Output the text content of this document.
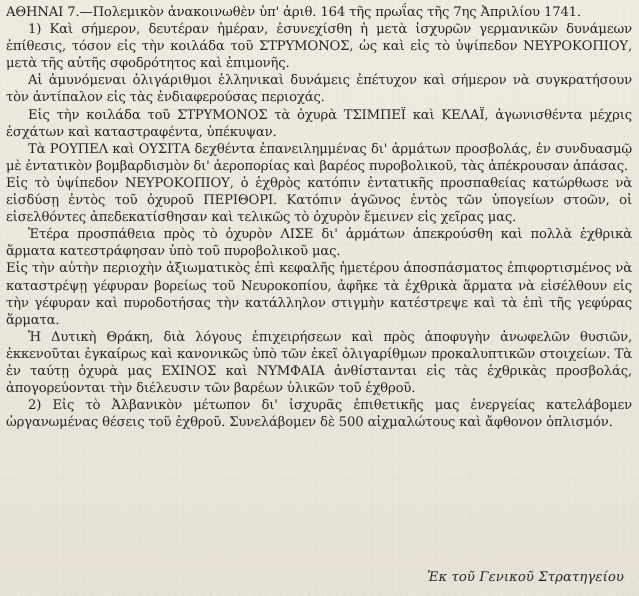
ΑΘΗΝΑΙ 7.—Πολεμικὸν ἀνακοινωθὲν ὑπ' ἀριθ. 164 τῆς πρωΐας τῆς 7ης Ἀπριλίου 1741.

1) Καὶ σήμερον, δευτέραν ἡμέραν, ἐσυνεχίσθη ἡ μετὰ ἰσχυρῶν γερμανικῶν δυνάμεων ἐπίθεσις, τόσον εἰς τὴν κοιλάδα τοῦ ΣΤΡΥΜΟΝΟΣ, ὡς καὶ εἰς τὸ ὑψίπεδον ΝΕΥΡΟΚΟΠΙΟΥ, μετὰ τῆς αὐτῆς σφοδρότητος καὶ ἐπιμονῆς.

Αἱ ἀμυνόμεναι ὀλιγάριθμοι ἑλληνικαὶ δυνάμεις ἐπέτυχον καὶ σήμερον νὰ συγκρατήσουν τὸν ἀντίπαλον εἰς τὰς ἐνδιαφερούσας περιοχάς.

Εἰς τὴν κοιλάδα τοῦ ΣΤΡΥΜΟΝΟΣ τὰ ὀχυρὰ ΤΣΙΜΠΕΪ καὶ ΚΕΛΑΪ, ἀγωνισθέντα μέχρις ἐσχάτων καὶ καταστραφέντα, ὑπέκυψαν.

Τὰ ΡΟΥΠΕΛ καὶ ΟΥΣΙΤΑ δεχθέντα ἐπανειλημμένας δι' ἁρμάτων προσβολάς, ἐν συνδυασμῷ μὲ ἐντατικὸν βομβαρδισμὸν δι' ἀεροπορίας καὶ βαρέος πυροβολικοῦ, τὰς ἀπέκρουσαν ἁπάσας.

Εἰς τὸ ὑψίπεδον ΝΕΥΡΟΚΟΠΙΟΥ, ὁ ἐχθρὸς κατόπιν ἐντατικῆς προσπαθείας κατώρθωσε νὰ εἰσδύσῃ ἐντὸς τοῦ ὀχυροῦ ΠΕΡΙΘΟΡΙ. Κατόπιν ἀγῶνος ἐντὸς τῶν ὑπογείων στοῶν, οἱ εἰσελθόντες ἀπεδεκατίσθησαν καὶ τελικῶς τὸ ὀχυρὸν ἔμεινεν εἰς χεῖρας μας.

Ἑτέρα προσπάθεια πρὸς τὸ ὀχυρὸν ΛΙΣΕ δι' ἁρμάτων ἀπεκρούσθη καὶ πολλὰ ἐχθρικὰ ἅρματα κατεστράφησαν ὑπὸ τοῦ πυροβολικοῦ μας.

Εἰς τὴν αὐτὴν περιοχὴν ἀξιωματικὸς ἐπὶ κεφαλῆς ἡμετέρου ἀποσπάσματος ἐπιφορτισμένος νὰ καταστρέψῃ γέφυραν βορείως τοῦ Νευροκοπίου, ἀφῆκε τὰ ἐχθρικὰ ἅρματα νὰ εἰσέλθουν εἰς τὴν γέφυραν καὶ πυροδοτήσας τὴν κατάλληλον στιγμὴν κατέστρεψε καὶ τὰ ἐπὶ τῆς γεφύρας ἅρματα.

Ἡ Δυτικὴ Θράκη, διὰ λόγους ἐπιχειρήσεων καὶ πρὸς ἀποφυγὴν ἀνωφελῶν θυσιῶν, ἐκκενοῦται ἐγκαίρως καὶ κανονικῶς ὑπὸ τῶν ἐκεῖ ὀλιγαρίθμων προκαλυπτικῶν στοιχείων. Τὰ ἐν ταύτῃ ὀχυρὰ μας ΕΧΙΝΟΣ καὶ ΝΥΜΦΑΙΑ ἀνθίστανται εἰς τὰς ἐχθρικὰς προσβολάς, ἀπογορεύονται τὴν διέλευσιν τῶν βαρέων ὑλικῶν τοῦ ἐχθροῦ.

2) Εἰς τὸ Ἀλβανικὸν μέτωπον δι' ἰσχυρᾶς ἐπιθετικῆς μας ἐνεργείας κατελάβομεν ὠργανωμένας θέσεις τοῦ ἐχθροῦ. Συνελάβομεν δὲ 500 αἰχμαλώτους καὶ ἄφθονον ὁπλισμόν.

Ἐκ τοῦ Γενικοῦ Στρατηγείου
